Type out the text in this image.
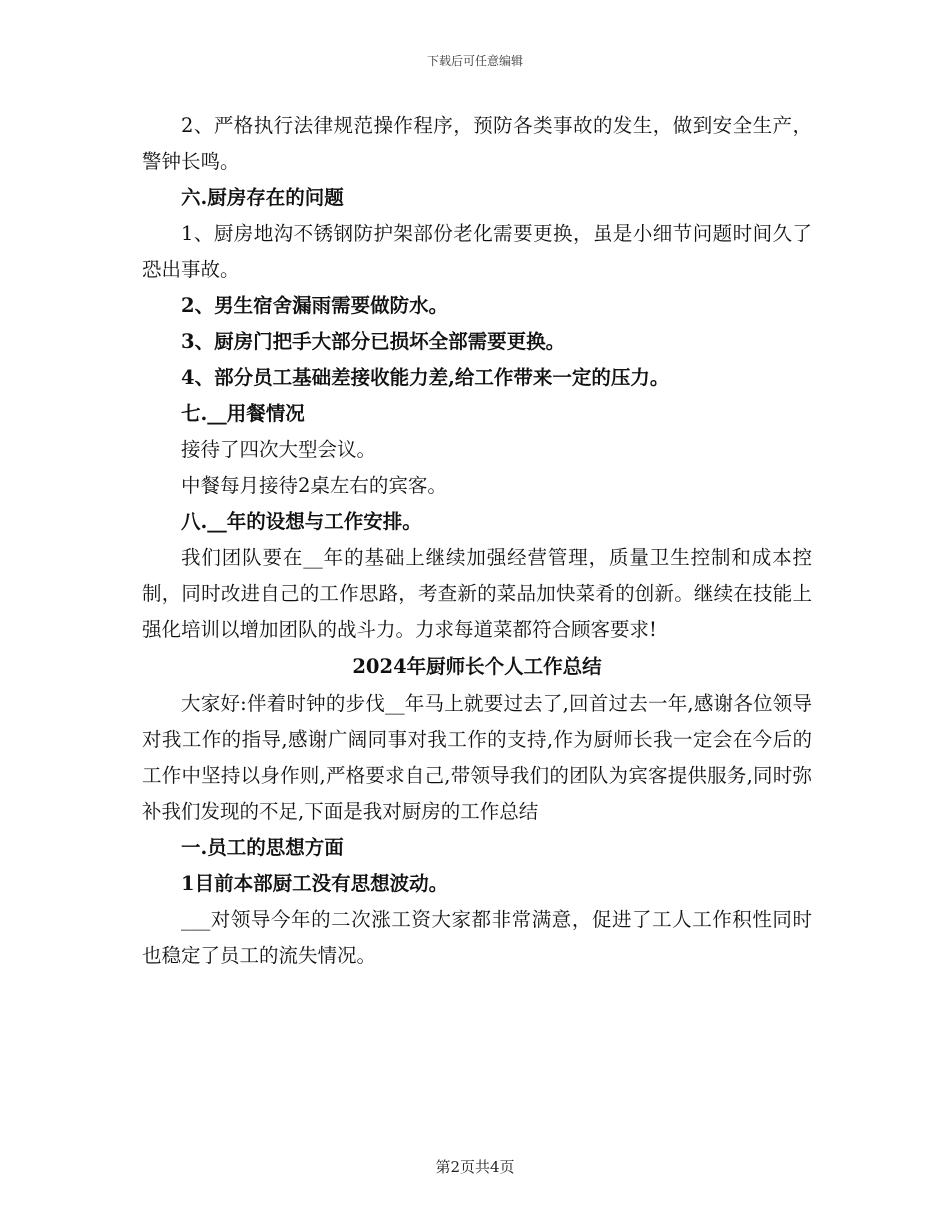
下载后可任意编辑

2、严格执行法律规范操作程序，预防各类事故的发生，做到安全生产，警钟长鸣。

六.厨房存在的问题

1、厨房地沟不锈钢防护架部份老化需要更换，虽是小细节问题时间久了恐出事故。

2、男生宿舍漏雨需要做防水。

3、厨房门把手大部分已损坏全部需要更换。

4、部分员工基础差接收能力差,给工作带来一定的压力。

七.__用餐情况

接待了四次大型会议。

中餐每月接待2桌左右的宾客。

八.__年的设想与工作安排。

我们团队要在__年的基础上继续加强经营管理，质量卫生控制和成本控制，同时改进自己的工作思路，考查新的菜品加快菜肴的创新。继续在技能上强化培训以增加团队的战斗力。力求每道菜都符合顾客要求!

2024年厨师长个人工作总结

大家好:伴着时钟的步伐__年马上就要过去了,回首过去一年,感谢各位领导对我工作的指导,感谢广阔同事对我工作的支持,作为厨师长我一定会在今后的工作中坚持以身作则,严格要求自己,带领导我们的团队为宾客提供服务,同时弥补我们发现的不足,下面是我对厨房的工作总结

一.员工的思想方面

1目前本部厨工没有思想波动。

___对领导今年的二次涨工资大家都非常满意，促进了工人工作积性同时也稳定了员工的流失情况。

第2页共4页
